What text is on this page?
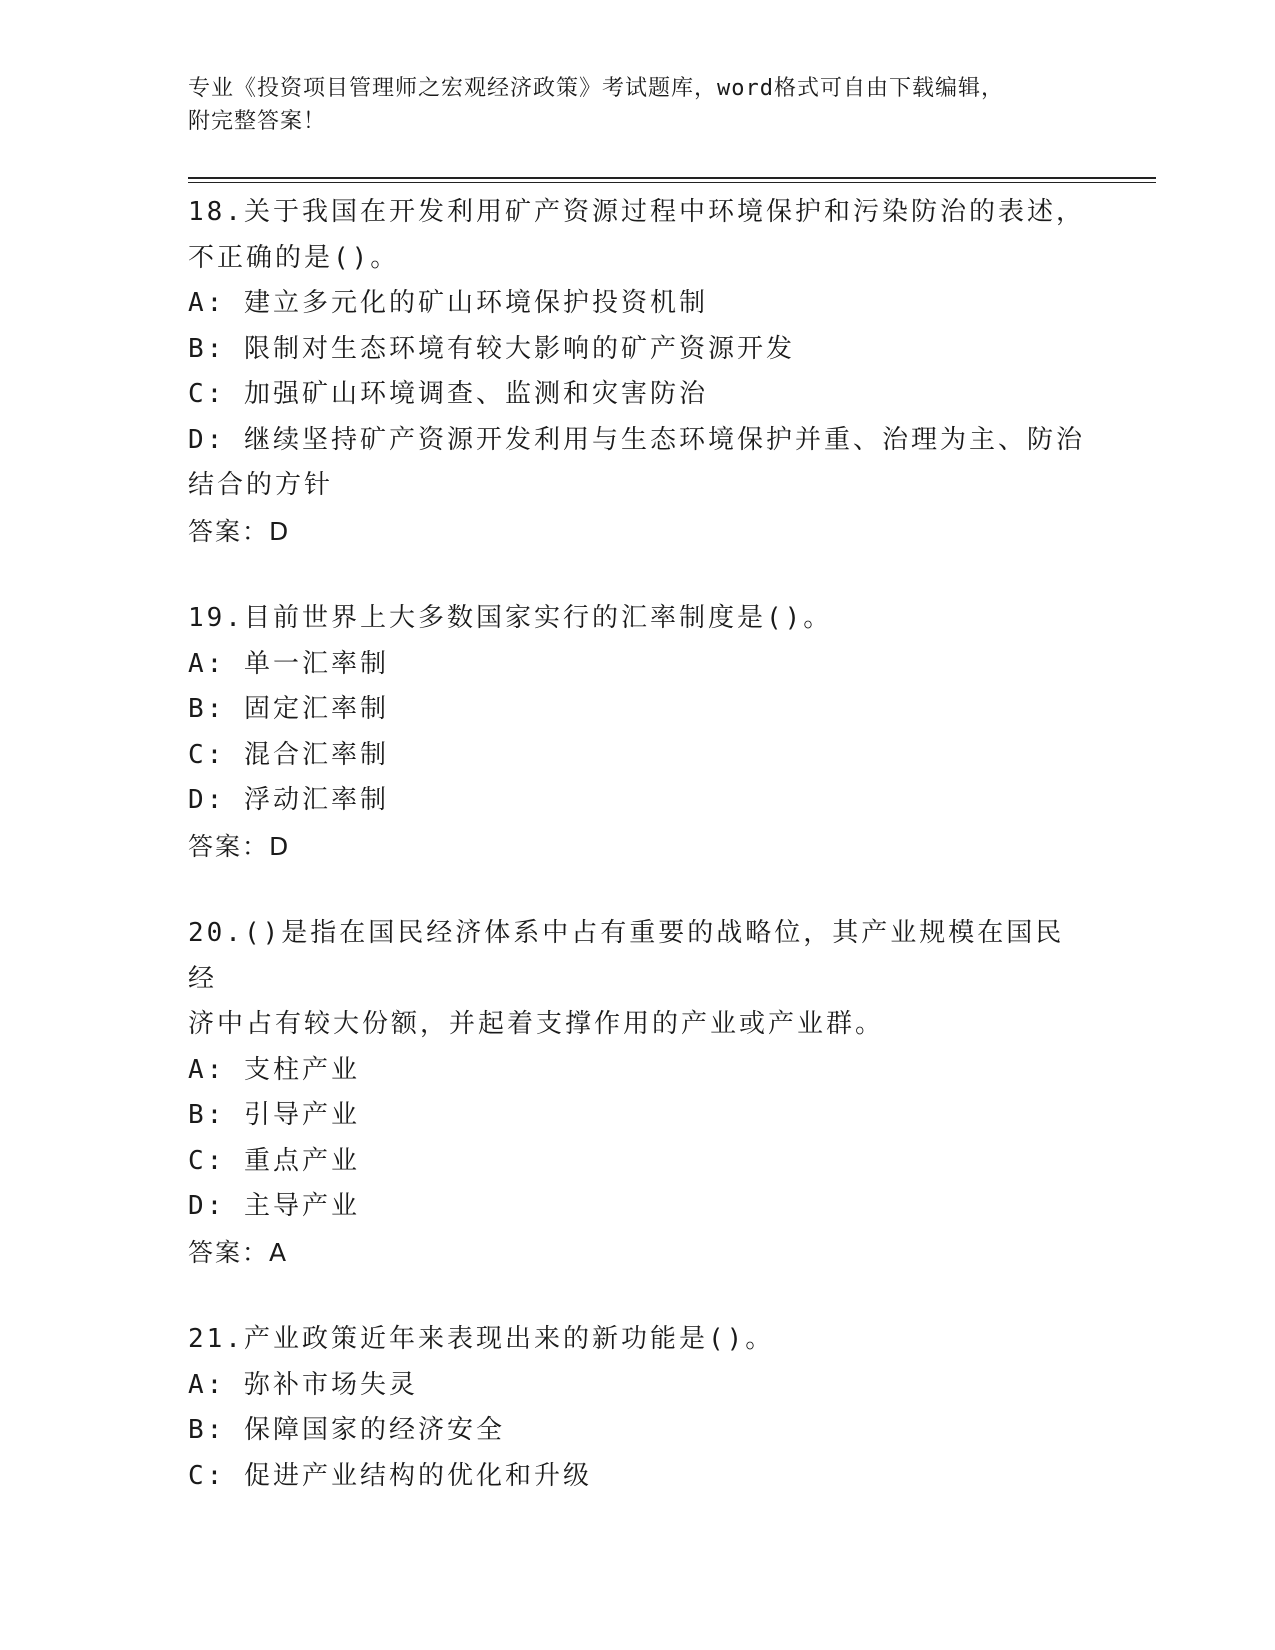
专业《投资项目管理师之宏观经济政策》考试题库，word格式可自由下载编辑，
附完整答案！
18.关于我国在开发利用矿产资源过程中环境保护和污染防治的表述，
不正确的是()。
A: 建立多元化的矿山环境保护投资机制
B: 限制对生态环境有较大影响的矿产资源开发
C: 加强矿山环境调查、监测和灾害防治
D: 继续坚持矿产资源开发利用与生态环境保护并重、治理为主、防治
结合的方针
答案：D
19.目前世界上大多数国家实行的汇率制度是()。
A: 单一汇率制
B: 固定汇率制
C: 混合汇率制
D: 浮动汇率制
答案：D
20.()是指在国民经济体系中占有重要的战略位，其产业规模在国民经
济中占有较大份额，并起着支撑作用的产业或产业群。
A: 支柱产业
B: 引导产业
C: 重点产业
D: 主导产业
答案：A
21.产业政策近年来表现出来的新功能是()。
A: 弥补市场失灵
B: 保障国家的经济安全
C: 促进产业结构的优化和升级
